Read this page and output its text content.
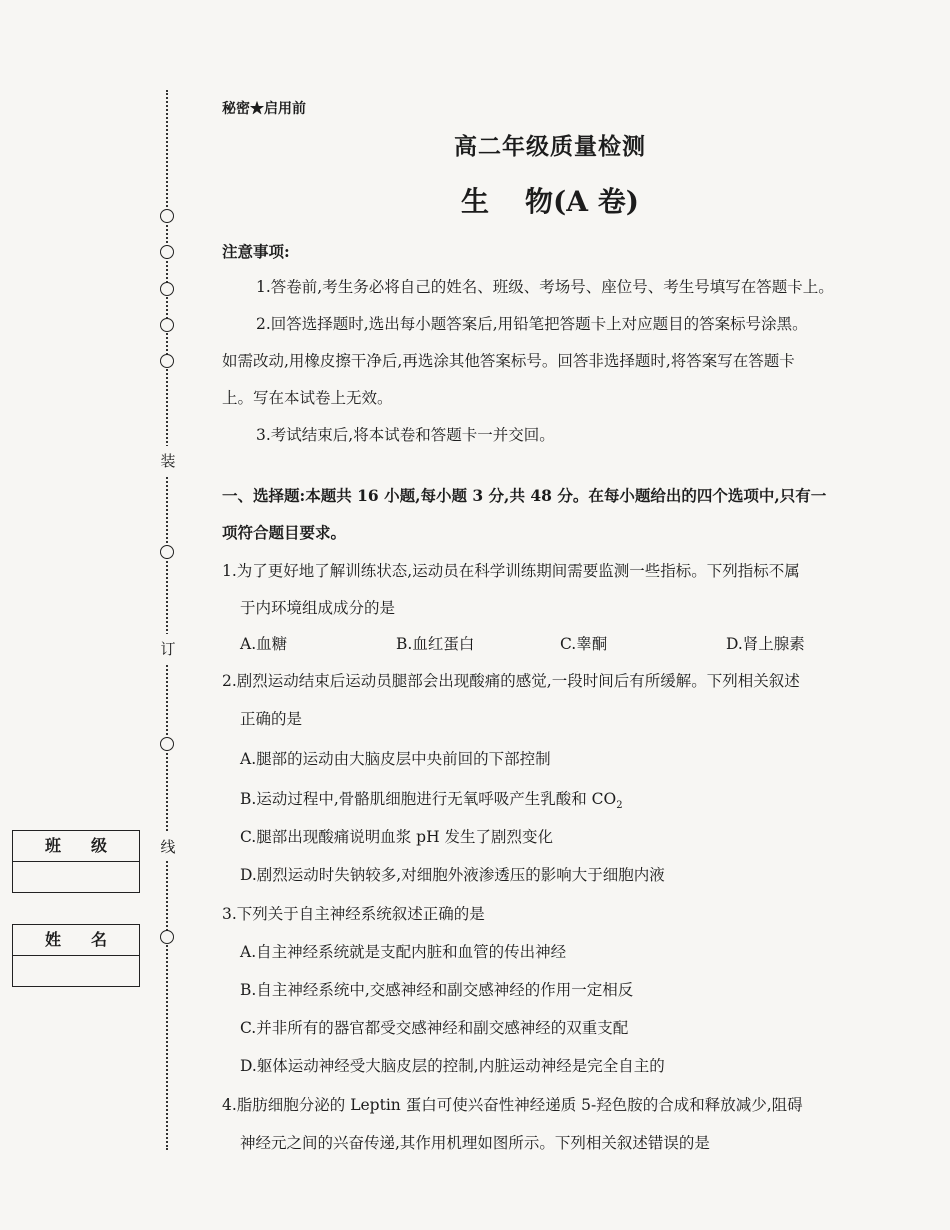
装
订
线
班级
姓名
秘密★启用前
高二年级质量检测
生 物(A 卷)
注意事项:
1.答卷前,考生务必将自己的姓名、班级、考场号、座位号、考生号填写在答题卡上。
2.回答选择题时,选出每小题答案后,用铅笔把答题卡上对应题目的答案标号涂黑。
如需改动,用橡皮擦干净后,再选涂其他答案标号。回答非选择题时,将答案写在答题卡
上。写在本试卷上无效。
3.考试结束后,将本试卷和答题卡一并交回。
一、选择题:本题共 16 小题,每小题 3 分,共 48 分。在每小题给出的四个选项中,只有一
项符合题目要求。
1.为了更好地了解训练状态,运动员在科学训练期间需要监测一些指标。下列指标不属
于内环境组成成分的是
A.血糖	B.血红蛋白	C.睾酮	D.肾上腺素
2.剧烈运动结束后运动员腿部会出现酸痛的感觉,一段时间后有所缓解。下列相关叙述
正确的是
A.腿部的运动由大脑皮层中央前回的下部控制
B.运动过程中,骨骼肌细胞进行无氧呼吸产生乳酸和 $CO_2$
C.腿部出现酸痛说明血浆 pH 发生了剧烈变化
D.剧烈运动时失钠较多,对细胞外液渗透压的影响大于细胞内液
3.下列关于自主神经系统叙述正确的是
A.自主神经系统就是支配内脏和血管的传出神经
B.自主神经系统中,交感神经和副交感神经的作用一定相反
C.并非所有的器官都受交感神经和副交感神经的双重支配
D.躯体运动神经受大脑皮层的控制,内脏运动神经是完全自主的
4.脂肪细胞分泌的 Leptin 蛋白可使兴奋性神经递质 5-羟色胺的合成和释放减少,阻碍
神经元之间的兴奋传递,其作用机理如图所示。下列相关叙述错误的是
